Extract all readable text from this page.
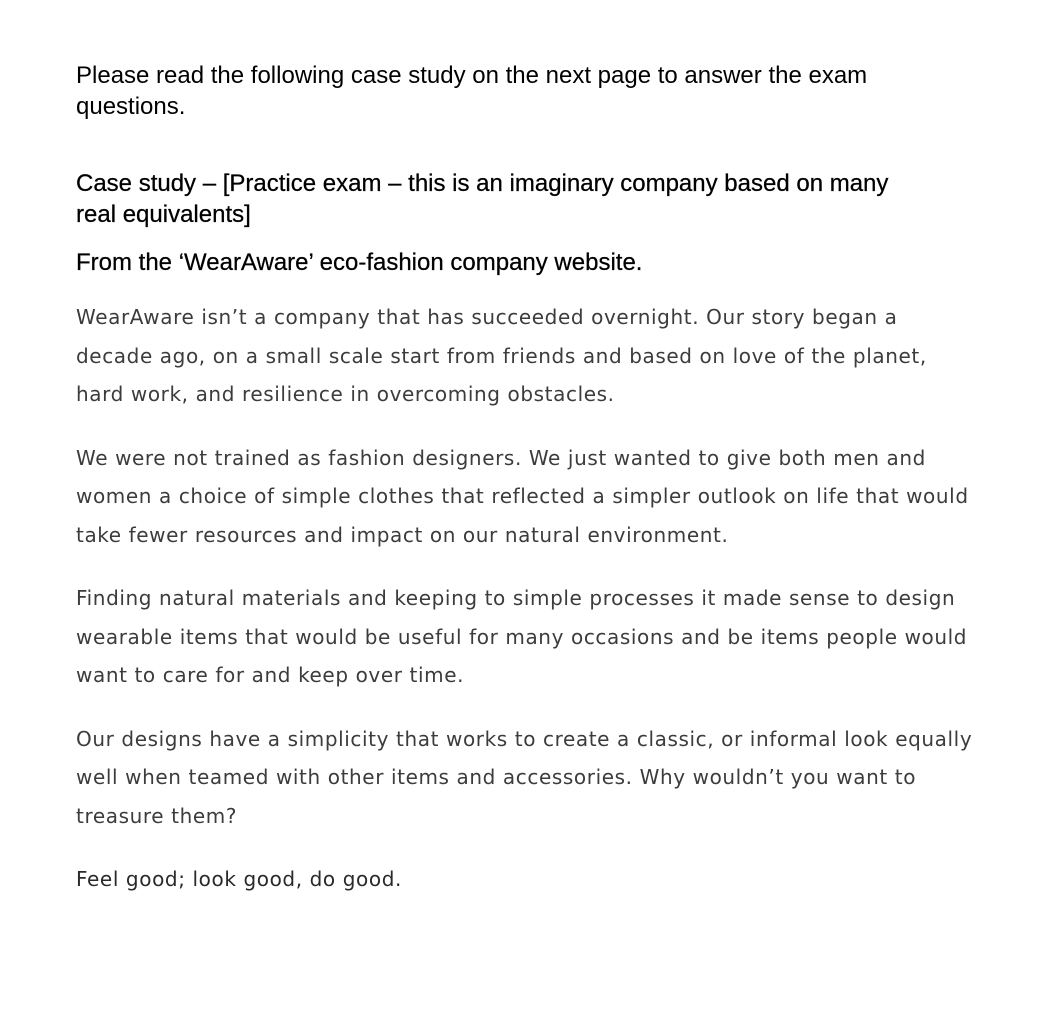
Please read the following case study on the next page to answer the exam questions.

Case study – [Practice exam – this is an imaginary company based on many real equivalents]

From the ‘WearAware’ eco-fashion company website.

WearAware isn’t a company that has succeeded overnight. Our story began a decade ago, on a small scale start from friends and based on love of the planet, hard work, and resilience in overcoming obstacles.

We were not trained as fashion designers. We just wanted to give both men and women a choice of simple clothes that reflected a simpler outlook on life that would take fewer resources and impact on our natural environment.

Finding natural materials and keeping to simple processes it made sense to design wearable items that would be useful for many occasions and be items people would want to care for and keep over time.

Our designs have a simplicity that works to create a classic, or informal look equally well when teamed with other items and accessories. Why wouldn’t you want to treasure them?

Feel good; look good, do good.
